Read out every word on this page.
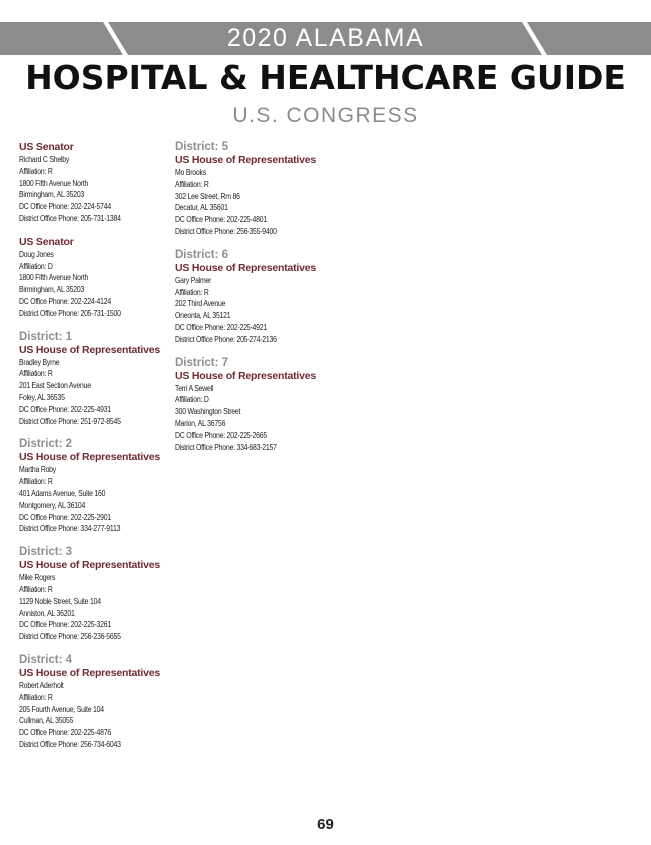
2020 ALABAMA
HOSPITAL & HEALTHCARE GUIDE
U.S. CONGRESS
US Senator
Richard C Shelby
Affiliation: R
1800 Fifth Avenue North
Birmingham, AL 35203
DC Office Phone: 202-224-5744
District Office Phone: 205-731-1384
US Senator
Doug Jones
Affiliation: D
1800 Fifth Avenue North
Birmingham, AL 35203
DC Office Phone: 202-224-4124
District Office Phone: 205-731-1500
District: 1
US House of Representatives
Bradley Byrne
Affiliation: R
201 East Section Avenue
Foley, AL 36535
DC Office Phone: 202-225-4931
District Office Phone: 251-972-8545
District: 2
US House of Representatives
Martha Roby
Affiliation: R
401 Adams Avenue, Suite 160
Montgomery, AL 36104
DC Office Phone: 202-225-2901
District Office Phone: 334-277-9113
District: 3
US House of Representatives
Mike Rogers
Affiliation: R
1129 Noble Street, Suite 104
Anniston, AL 36201
DC Office Phone: 202-225-3261
District Office Phone: 256-236-5655
District: 4
US House of Representatives
Robert Aderholt
Affiliation: R
205 Fourth Avenue, Suite 104
Cullman, AL 35055
DC Office Phone: 202-225-4876
District Office Phone: 256-734-6043
District: 5
US House of Representatives
Mo Brooks
Affiliation: R
302 Lee Street, Rm 86
Decatur, AL 35601
DC Office Phone: 202-225-4801
District Office Phone: 256-355-9400
District: 6
US House of Representatives
Gary Palmer
Affiliation: R
202 Third Avenue
Oneonta, AL 35121
DC Office Phone: 202-225-4921
District Office Phone: 205-274-2136
District: 7
US House of Representatives
Terri A Sewell
Affiliation: D
300 Washington Street
Marion, AL 36756
DC Office Phone: 202-225-2665
District Office Phone: 334-683-2157
69
